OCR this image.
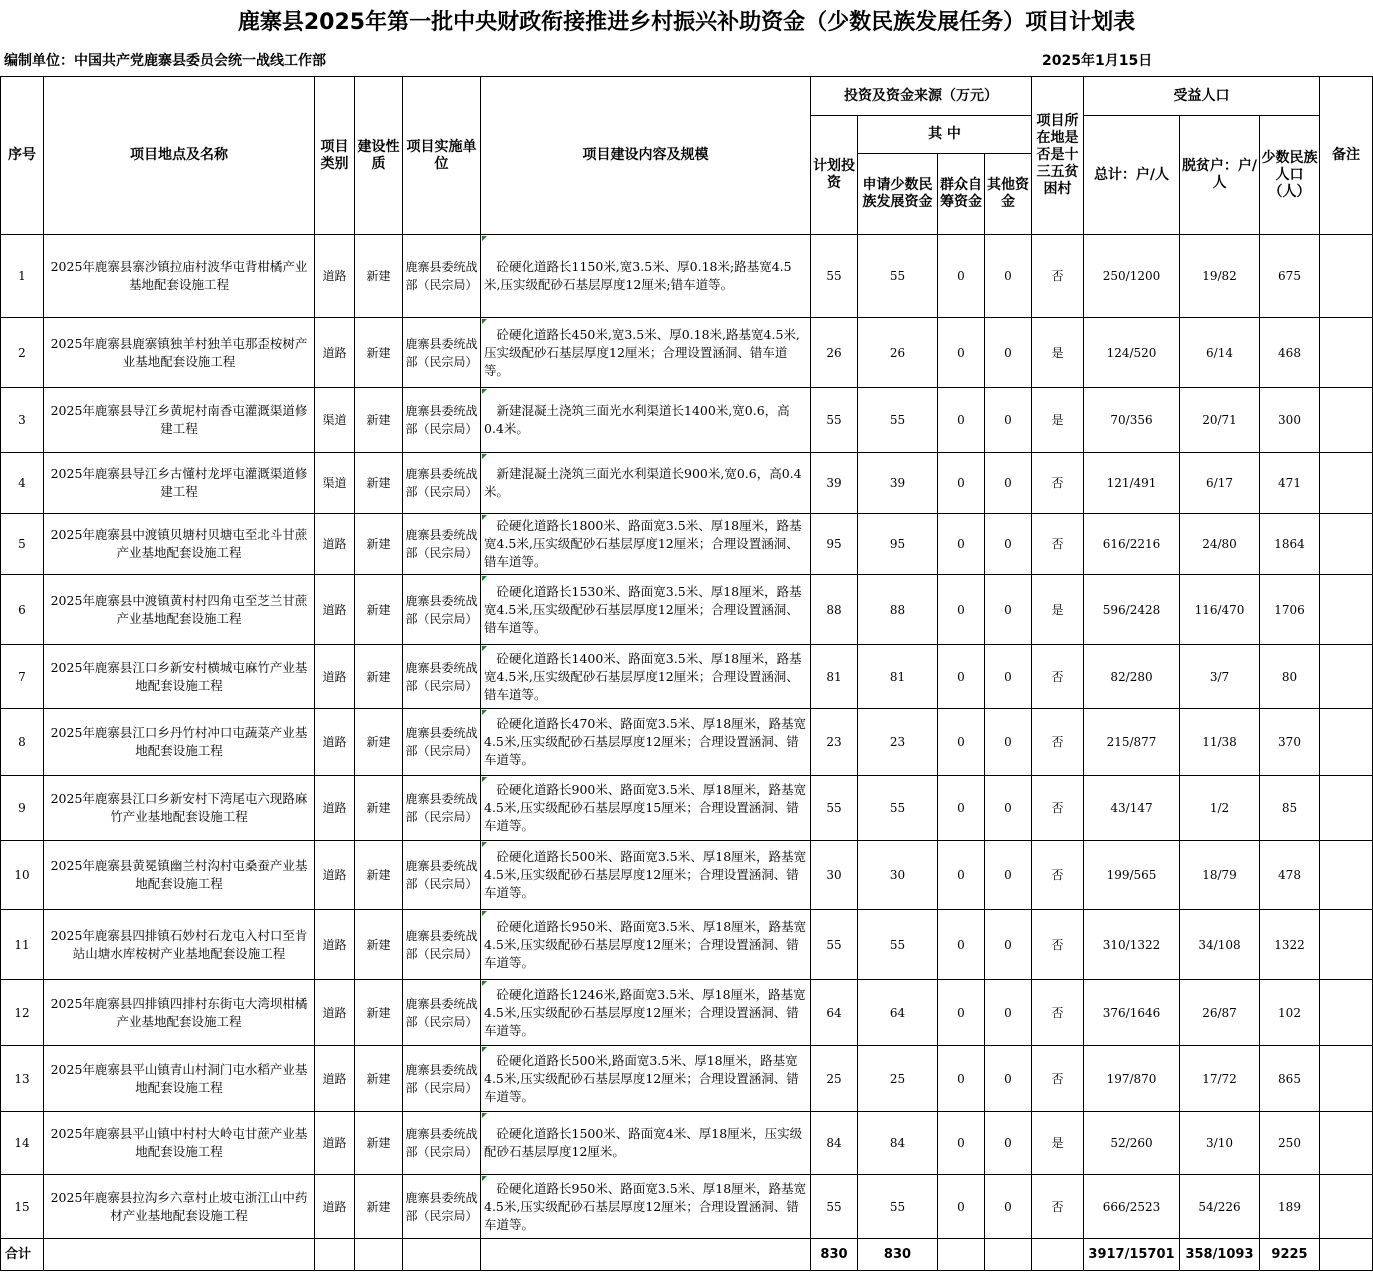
鹿寨县2025年第一批中央财政衔接推进乡村振兴补助资金（少数民族发展任务）项目计划表
编制单位：中国共产党鹿寨县委员会统一战线工作部	2025年1月15日
序号	项目地点及名称	项目类别	建设性质	项目实施单位	项目建设内容及规模	投资及资金来源（万元）				项目所在地是否是十三五贫困村	受益人口			备注
						计划投资	其 中				总计：户/人	脱贫户：户/人	少数民族人口（人）	
							申请少数民族发展资金	群众自筹资金	其他资金					
1	2025年鹿寨县寨沙镇拉庙村波华屯背柑橘产业基地配套设施工程	道路	新建	鹿寨县委统战部（民宗局）	　砼硬化道路长1150米,宽3.5米、厚0.18米;路基宽4.5米,压实级配砂石基层厚度12厘米;错车道等。	55	55	0	0	否	250/1200	19/82	675	
2	2025年鹿寨县鹿寨镇独羊村独羊屯那歪桉树产业基地配套设施工程	道路	新建	鹿寨县委统战部（民宗局）	　砼硬化道路长450米,宽3.5米、厚0.18米,路基宽4.5米,压实级配砂石基层厚度12厘米；合理设置涵洞、错车道等。	26	26	0	0	是	124/520	6/14	468	
3	2025年鹿寨县导江乡黄坭村南香屯灌溉渠道修建工程	渠道	新建	鹿寨县委统战部（民宗局）	　新建混凝土浇筑三面光水利渠道长1400米,宽0.6，高0.4米。	55	55	0	0	是	70/356	20/71	300	
4	2025年鹿寨县导江乡古懂村龙坪屯灌溉渠道修建工程	渠道	新建	鹿寨县委统战部（民宗局）	　新建混凝土浇筑三面光水利渠道长900米,宽0.6，高0.4米。	39	39	0	0	否	121/491	6/17	471	
5	2025年鹿寨县中渡镇贝塘村贝塘屯至北斗甘蔗产业基地配套设施工程	道路	新建	鹿寨县委统战部（民宗局）	　砼硬化道路长1800米、路面宽3.5米、厚18厘米，路基宽4.5米,压实级配砂石基层厚度12厘米；合理设置涵洞、错车道等。	95	95	0	0	否	616/2216	24/80	1864	
6	2025年鹿寨县中渡镇黄村村四角屯至芝兰甘蔗产业基地配套设施工程	道路	新建	鹿寨县委统战部（民宗局）	　砼硬化道路长1530米、路面宽3.5米、厚18厘米，路基宽4.5米,压实级配砂石基层厚度12厘米；合理设置涵洞、错车道等。	88	88	0	0	是	596/2428	116/470	1706	
7	2025年鹿寨县江口乡新安村横城屯麻竹产业基地配套设施工程	道路	新建	鹿寨县委统战部（民宗局）	　砼硬化道路长1400米、路面宽3.5米、厚18厘米，路基宽4.5米,压实级配砂石基层厚度12厘米；合理设置涵洞、错车道等。	81	81	0	0	否	82/280	3/7	80	
8	2025年鹿寨县江口乡丹竹村冲口屯蔬菜产业基地配套设施工程	道路	新建	鹿寨县委统战部（民宗局）	　砼硬化道路长470米、路面宽3.5米、厚18厘米，路基宽4.5米,压实级配砂石基层厚度12厘米；合理设置涵洞、错车道等。	23	23	0	0	否	215/877	11/38	370	
9	2025年鹿寨县江口乡新安村下湾尾屯六现路麻竹产业基地配套设施工程	道路	新建	鹿寨县委统战部（民宗局）	　砼硬化道路长900米、路面宽3.5米、厚18厘米，路基宽4.5米,压实级配砂石基层厚度15厘米；合理设置涵洞、错车道等。	55	55	0	0	否	43/147	1/2	85	
10	2025年鹿寨县黄冕镇幽兰村沟村屯桑蚕产业基地配套设施工程	道路	新建	鹿寨县委统战部（民宗局）	　砼硬化道路长500米、路面宽3.5米、厚18厘米，路基宽4.5米,压实级配砂石基层厚度12厘米；合理设置涵洞、错车道等。	30	30	0	0	否	199/565	18/79	478	
11	2025年鹿寨县四排镇石妙村石龙屯入村口至肯站山塘水库桉树产业基地配套设施工程	道路	新建	鹿寨县委统战部（民宗局）	　砼硬化道路长950米、路面宽3.5米、厚18厘米，路基宽4.5米,压实级配砂石基层厚度12厘米；合理设置涵洞、错车道等。	55	55	0	0	否	310/1322	34/108	1322	
12	2025年鹿寨县四排镇四排村东街屯大湾坝柑橘产业基地配套设施工程	道路	新建	鹿寨县委统战部（民宗局）	　砼硬化道路长1246米,路面宽3.5米、厚18厘米，路基宽4.5米,压实级配砂石基层厚度12厘米；合理设置涵洞、错车道等。	64	64	0	0	否	376/1646	26/87	102	
13	2025年鹿寨县平山镇青山村洞门屯水稻产业基地配套设施工程	道路	新建	鹿寨县委统战部（民宗局）	　砼硬化道路长500米,路面宽3.5米、厚18厘米，路基宽4.5米,压实级配砂石基层厚度12厘米；合理设置涵洞、错车道等。	25	25	0	0	否	197/870	17/72	865	
14	2025年鹿寨县平山镇中村村大岭屯甘蔗产业基地配套设施工程	道路	新建	鹿寨县委统战部（民宗局）	　砼硬化道路长1500米、路面宽4米、厚18厘米，压实级配砂石基层厚度12厘米。	84	84	0	0	是	52/260	3/10	250	
15	2025年鹿寨县拉沟乡六章村止坡屯浙江山中药材产业基地配套设施工程	道路	新建	鹿寨县委统战部（民宗局）	　砼硬化道路长950米、路面宽3.5米、厚18厘米，路基宽4.5米,压实级配砂石基层厚度12厘米；合理设置涵洞、错车道等。	55	55	0	0	否	666/2523	54/226	189	
合计						830	830				3917/15701	358/1093	9225	
